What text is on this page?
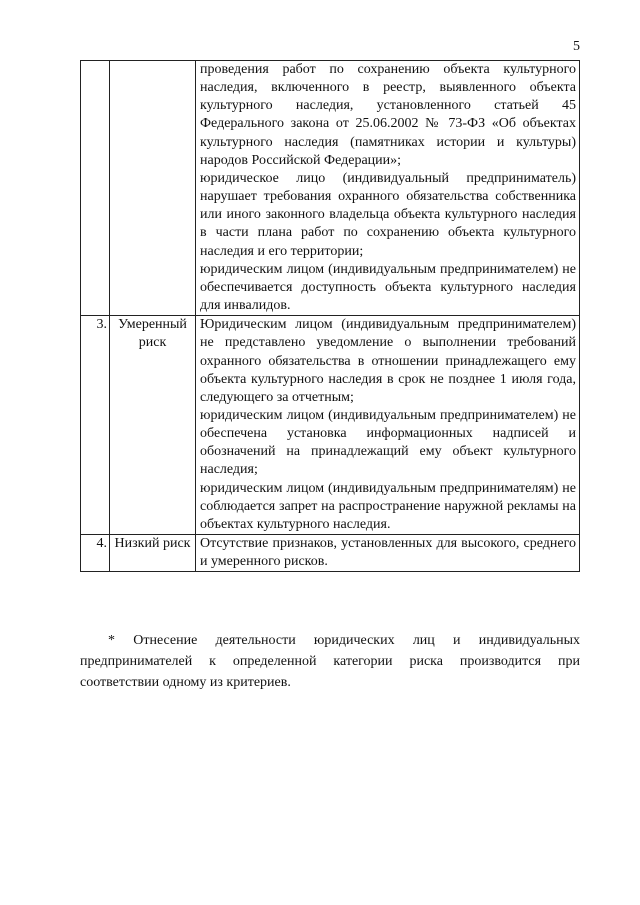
5

		проведения работ по сохранению объекта культурного наследия, включенного в реестр, выявленного объекта культурного наследия, установленного статьей 45 Федерального закона от 25.06.2002 № 73-ФЗ «Об объектах культурного наследия (памятниках истории и культуры) народов Российской Федерации»;
юридическое лицо (индивидуальный предприниматель) нарушает требования охранного обязательства собственника или иного законного владельца объекта культурного наследия в части плана работ по сохранению объекта культурного наследия и его территории;
юридическим лицом (индивидуальным предпринимателем) не обеспечивается доступность объекта культурного наследия для инвалидов.

3.	Умеренный риск	Юридическим лицом (индивидуальным предпринимателем) не представлено уведомление о выполнении требований охранного обязательства в отношении принадлежащего ему объекта культурного наследия в срок не позднее 1 июля года, следующего за отчетным;
юридическим лицом (индивидуальным предпринимателем) не обеспечена установка информационных надписей и обозначений на принадлежащий ему объект культурного наследия;
юридическим лицом (индивидуальным предпринимателям) не соблюдается запрет на распространение наружной рекламы на объектах культурного наследия.

4.	Низкий риск	Отсутствие признаков, установленных для высокого, среднего и умеренного рисков.

* Отнесение деятельности юридических лиц и индивидуальных предпринимателей к определенной категории риска производится при соответствии одному из критериев.
